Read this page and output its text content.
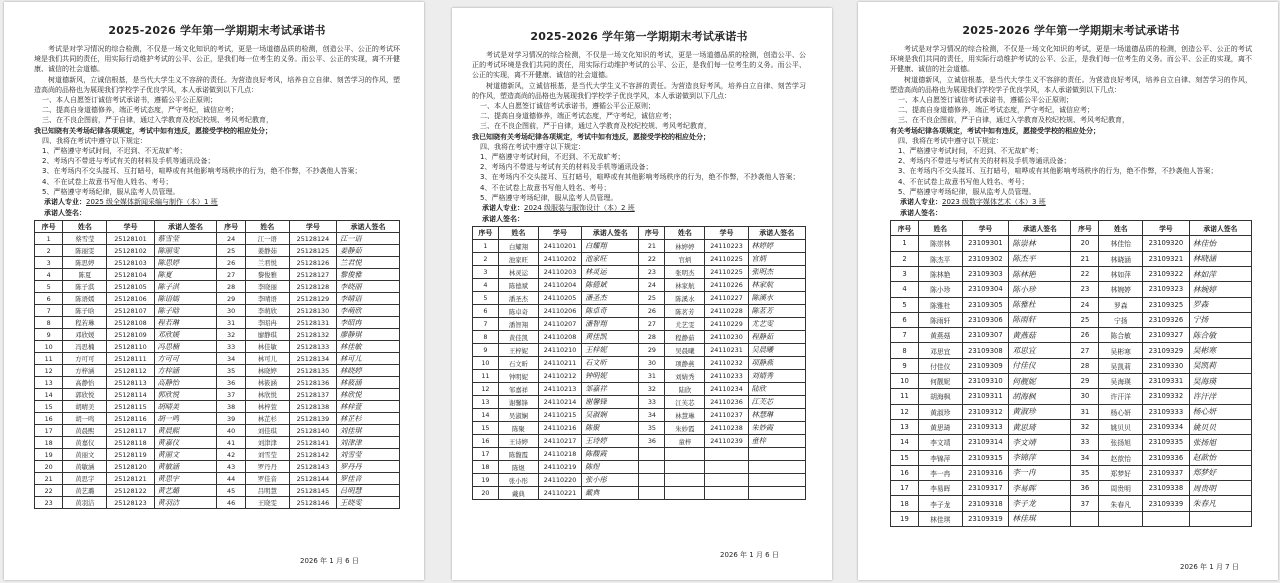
2025-2026 学年第一学期期末考试承诺书

考试是对学习情况的综合检测，不仅是一场文化知识的考试，更是一场道德品质的检测，创造公平、公正的考试环境是我们共同的责任，用实际行动维护考试的公平、公正，是我们每一位考生的义务。而公平、公正的实现，离不开健康、诚信的社会道德。

树道德新风，立诚信根基，是当代大学生义不容辞的责任。为营造良好考风，培养自立自律、刻苦学习的作风，塑造高尚的品格也为展现我们学校学子优良学风，本人承诺做到以下几点：

一、本人自愿签订诚信考试承诺书，遵循公平公正原则；

二、提高自身道德修养，端正考试态度，严守考纪，诚信应考；

三、在不良企图前，严于自律，通过入学教育及校纪校规、考风考纪教育，

我已知晓有关考场纪律各项规定，考试中如有违反，愿接受学校的相应处分；

四、我将在考试中遵守以下规定：

1、严格遵守考试时间，不迟到、不无故旷考；

2、考场内不带进与考试有关的材料及手机等通讯设备；

3、在考场内不交头接耳、互打暗号，喧哗或有其他影响考场秩序的行为，绝不作弊，不抄袭他人答案；

4、不在试卷上故意书写他人姓名、考号；

5、严格遵守考场纪律，服从监考人员管理。

承诺人专业：2025 级全媒体新闻采编与制作（本）1 班
承诺人签名：
序号	姓名	学号	承诺人签名	序号	姓名	学号	承诺人签名
1	蔡雪莹	25128101	蔡雪莹	24	江一语	25128124	江一语
2	陈丽雯	25128102	陈丽雯	25	姜静茹	25128125	姜静茹
3	陈思婷	25128103	陈思婷	26	兰君悦	25128126	兰君悦
4	陈夏	25128104	陈夏	27	黎俊雅	25128127	黎俊雅
5	陈子淇	25128105	陈子淇	28	李晓丽	25128128	李晓丽
6	陈语嫣	25128106	陈语嫣	29	李晴语	25128129	李晴语
7	陈子晗	25128107	陈子晗	30	李萌欣	25128130	李萌欣
8	程若琳	25128108	程若琳	31	李昭冉	25128131	李昭冉
9	邓欣媛	25128109	邓欣媛	32	廖静琪	25128132	廖静琪
10	冯思楠	25128110	冯思楠	33	林佳敏	25128133	林佳敏
11	方可可	25128111	方可可	34	林可儿	25128134	林可儿
12	方梓涵	25128112	方梓涵	35	林晓婷	25128135	林晓婷
13	高静怡	25128113	高静怡	36	林筱涵	25128136	林筱涵
14	郭欣悦	25128114	郭欣悦	37	林欣悦	25128137	林欣悦
15	胡晴美	25128115	胡晴美	38	林梓萱	25128138	林梓萱
16	胡一鸣	25128116	胡一鸣	39	林芷杉	25128139	林芷杉
17	黄晨熙	25128117	黄晨熙	40	刘佳琪	25128140	刘佳琪
18	黄嘉仪	25128118	黄嘉仪	41	刘津津	25128141	刘津津
19	黄丽文	25128119	黄丽文	42	刘雪莹	25128142	刘雪莹
20	黄敏涵	25128120	黄敏涵	43	罗丹丹	25128143	罗丹丹
21	黄思宇	25128121	黄思宇	44	罗佳音	25128144	罗佳音
22	黄艺璐	25128122	黄艺璐	45	吕明慧	25128145	吕明慧
23	黄羽洁	25128123	黄羽洁	46	王晓雯	25128146	王晓雯
2026 年 1 月 6 日
2025-2026 学年第一学期期末考试承诺书

考试是对学习情况的综合检测，不仅是一场文化知识的考试，更是一场道德品质的检测，创造公平、公正的考试环境是我们共同的责任，用实际行动维护考试的公平、公正，是我们每一位考生的义务。而公平、公正的实现，离不开健康、诚信的社会道德。

树道德新风，立诚信根基，是当代大学生义不容辞的责任。为营造良好考风，培养自立自律、刻苦学习的作风，塑造高尚的品格也为展现我们学校学子优良学风，本人承诺做到以下几点：

一、本人自愿签订诚信考试承诺书，遵循公平公正原则；

二、提高自身道德修养，端正考试态度，严守考纪，诚信应考；

三、在不良企图前，严于自律，通过入学教育及校纪校规、考风考纪教育，

我已知晓有关考场纪律各项规定，考试中如有违反，愿接受学校的相应处分；

四、我将在考试中遵守以下规定：

1、严格遵守考试时间，不迟到、不无故旷考；

2、考场内不带进与考试有关的材料及手机等通讯设备；

3、在考场内不交头接耳、互打暗号，喧哗或有其他影响考场秩序的行为，绝不作弊，不抄袭他人答案；

4、不在试卷上故意书写他人姓名、考号；

5、严格遵守考场纪律，服从监考人员管理。

承诺人专业：2024 级服装与服饰设计（本）2 班
承诺人签名：
序号	姓名	学号	承诺人签名	序号	姓名	学号	承诺人签名
1	白耀翔	24110201	白耀翔	21	林婷婷	24110223	林婷婷
2	池家旺	24110202	池家旺	22	官炳	24110225	官炳
3	林灵运	24110203	林灵运	23	张明杰	24110225	张明杰
4	陈德斌	24110204	陈德斌	24	林家航	24110226	林家航
5	潘圣杰	24110205	潘圣杰	25	陈溪水	24110227	陈溪水
6	陈卓奇	24110206	陈卓奇	26	陈茗芳	24110228	陈茗芳
7	潘智翔	24110207	潘智翔	27	尤艺雯	24110229	尤艺雯
8	黄佳凯	24110208	黄佳凯	28	程静茹	24110230	程静茹
9	王梓妮	24110210	王梓妮	29	吴晨曦	24110231	吴晨曦
10	石文昕	24110211	石文昕	30	项静燕	24110232	项静燕
11	钟明妮	24110212	钟明妮	31	刘婧秀	24110233	刘婧秀
12	邹嘉祥	24110213	邹嘉祥	32	陆欣	24110234	陆欣
13	谢馨锋	24110214	谢馨锋	33	江芙芯	24110236	江芙芯
14	吴淑娴	24110215	吴淑娴	34	林慧琳	24110237	林慧琳
15	陈聚	24110216	陈聚	35	朱妙霞	24110238	朱妙霞
16	王诗婷	24110217	王诗婷	36	童梓	24110239	童梓
17	陈馥霞	24110218	陈馥霞				
18	陈煜	24110219	陈煜				
19	张小彤	24110220	张小彤				
20	戴典	24110221	戴典				
2026 年 1 月 6 日
2025-2026 学年第一学期期末考试承诺书

考试是对学习情况的综合检测，不仅是一场文化知识的考试，更是一场道德品质的检测，创造公平、公正的考试环境是我们共同的责任，用实际行动维护考试的公平、公正，是我们每一位考生的义务。而公平、公正的实现，离不开健康、诚信的社会道德。

树道德新风，立诚信根基，是当代大学生义不容辞的责任。为营造良好考风，培养自立自律、刻苦学习的作风，塑造高尚的品格也为展现我们学校学子优良学风，本人承诺做到以下几点：

一、本人自愿签订诚信考试承诺书，遵循公平公正原则；

二、提高自身道德修养，端正考试态度，严守考纪，诚信应考；

三、在不良企图前，严于自律，通过入学教育及校纪校规、考风考纪教育，

有关考场纪律各项规定，考试中如有违反，愿接受学校的相应处分；

四、我将在考试中遵守以下规定：

1、严格遵守考试时间，不迟到、不无故旷考；

2、考场内不带进与考试有关的材料及手机等通讯设备；

3、在考场内不交头接耳、互打暗号，喧哗或有其他影响考场秩序的行为，绝不作弊，不抄袭他人答案；

4、不在试卷上故意书写他人姓名、考号；

5、严格遵守考场纪律，服从监考人员管理。

承诺人专业：2023 级数字媒体艺术（本）3 班
承诺人签名：
序号	姓名	学号	承诺人签名	序号	姓名	学号	承诺人签名
1	陈崇林	23109301	陈崇林	20	林佳怡	23109320	林佳怡
2	陈杰平	23109302	陈杰平	21	林晓涵	23109321	林晓涵
3	陈林艳	23109303	陈林艳	22	林如萍	23109322	林如萍
4	陈小珍	23109304	陈小珍	23	林婉婷	23109323	林婉婷
5	陈雅杜	23109305	陈雅杜	24	罗森	23109325	罗森
6	陈雨轩	23109306	陈雨轩	25	宁扬	23109326	宁扬
7	黄燕菇	23109307	黄燕菇	26	陈合敏	23109327	陈合敏
8	邓思宜	23109308	邓思宜	27	吴彬寒	23109329	吴彬寒
9	付佳仪	23109309	付佳仪	28	吴凯莉	23109330	吴凯莉
10	何靓妮	23109310	何靓妮	29	吴海瑛	23109331	吴海瑛
11	胡海枫	23109311	胡海枫	30	许汗洋	23109332	许汗洋
12	黄淑珍	23109312	黄淑珍	31	杨心妍	23109333	杨心妍
13	黄思琦	23109313	黄思琦	32	姚贝贝	23109334	姚贝贝
14	李文靖	23109314	李文靖	33	张扬旭	23109335	张扬旭
15	李锦萍	23109315	李锦萍	34	赵歆怡	23109336	赵歆怡
16	李一冉	23109316	李一冉	35	郑梦好	23109337	郑梦好
17	李易晖	23109317	李易晖	36	周贵明	23109338	周贵明
18	李子龙	23109318	李子龙	37	朱春凡	23109339	朱春凡
19	林佳琪	23109319	林佳琪				
2026 年 1 月 7 日
